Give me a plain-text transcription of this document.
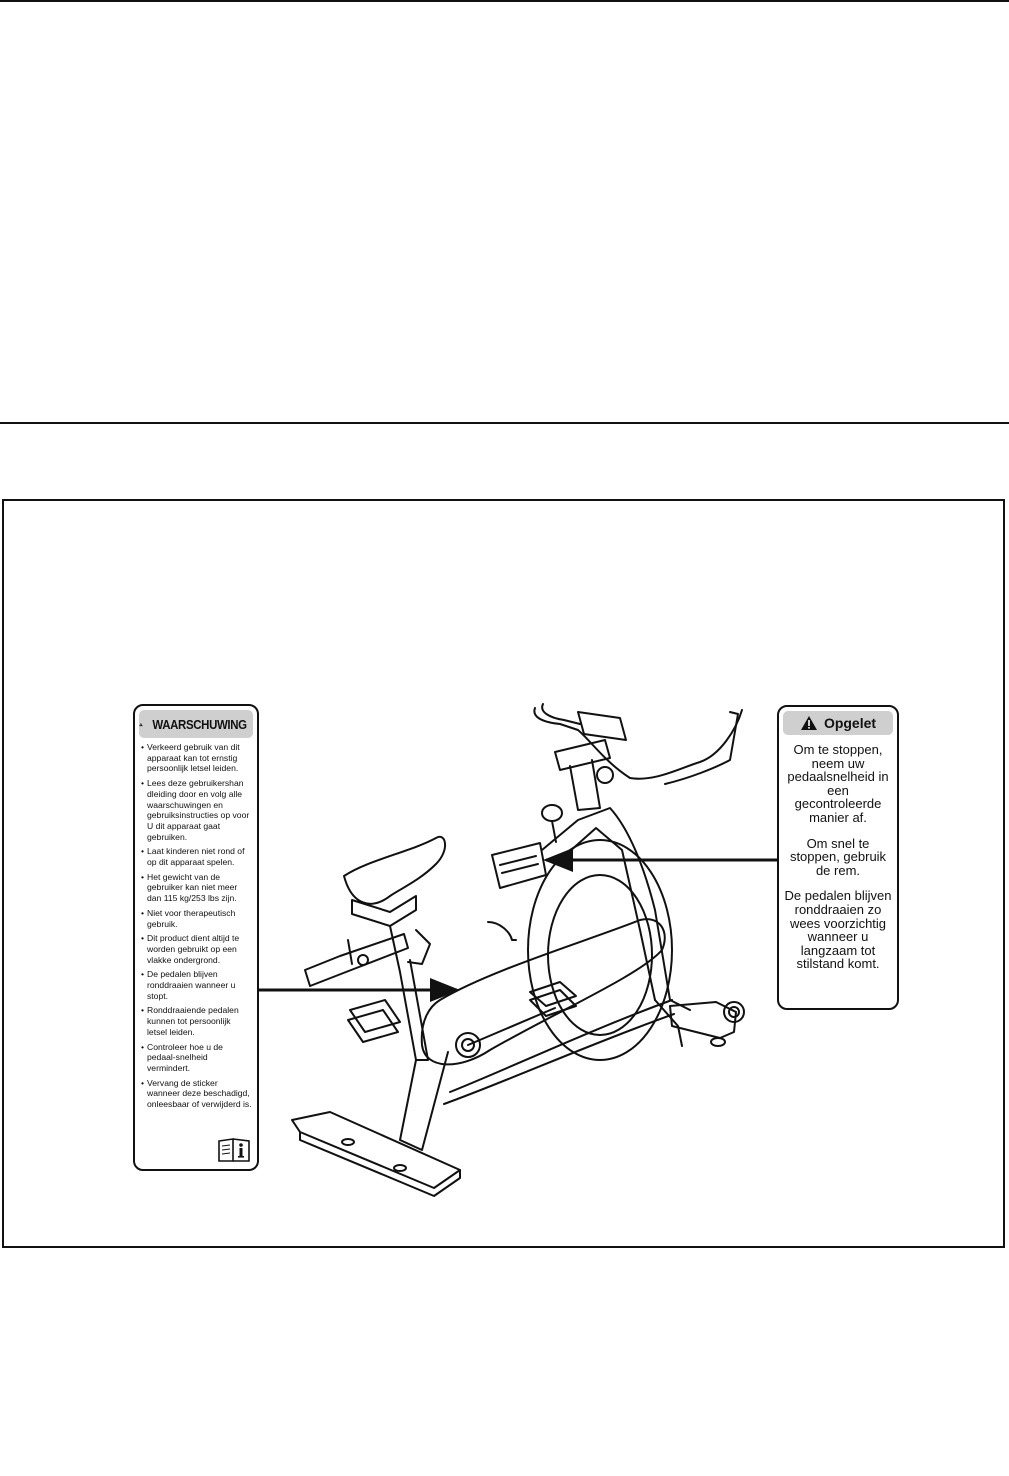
WAARSCHUWING
• Verkeerd gebruik van dit apparaat kan tot ernstig persoonlijk letsel leiden.
• Lees deze gebruikershan dleiding door en volg alle waarschuwingen en gebruiksinstructies op voor U dit apparaat gaat gebruiken.
• Laat kinderen niet rond of op dit apparaat spelen.
• Het gewicht van de gebruiker kan niet meer dan 115 kg/253 lbs zijn.
• Niet voor therapeutisch gebruik.
• Dit product dient altijd te worden gebruikt op een vlakke ondergrond.
• De pedalen blijven ronddraaien wanneer u stopt.
• Ronddraaiende pedalen kunnen tot persoonlijk letsel leiden.
• Controleer hoe u de pedaal-snelheid vermindert.
• Vervang de sticker wanneer deze beschadigd, onleesbaar of verwijderd is.
Opgelet

Om te stoppen, neem uw pedaalsnelheid in een gecontroleerde manier af.

Om snel te stoppen, gebruik de rem.

De pedalen blijven ronddraaien zo wees voorzichtig wanneer u langzaam tot stilstand komt.
